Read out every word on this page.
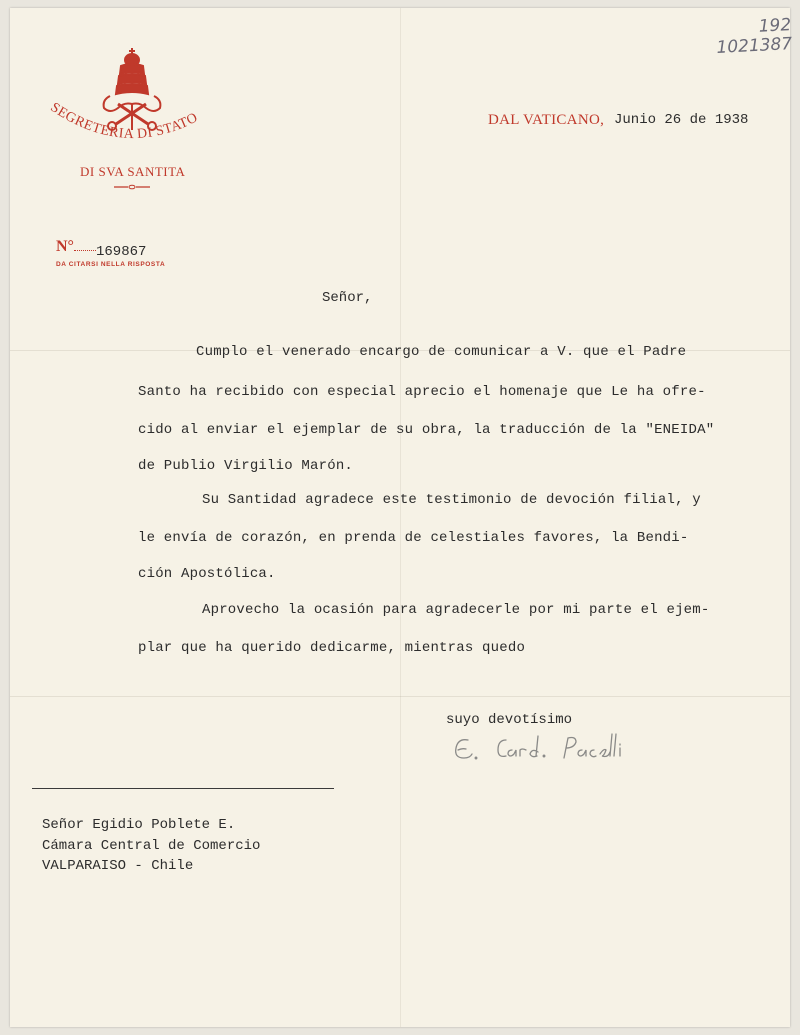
SEGRETERIA DI STATO
DI SVA SANTITA
192
1021387
DAL VATICANO, Junio 26 de 1938
N° 169867
DA CITARSI NELLA RISPOSTA
Señor,
Cumplo el venerado encargo de comunicar a V. que el Padre
Santo ha recibido con especial aprecio el homenaje que Le ha ofre-
cido al enviar el ejemplar de su obra, la traducción de la "ENEIDA"
de Publio Virgilio Marón.
Su Santidad agradece este testimonio de devoción filial, y
le envía de corazón, en prenda de celestiales favores, la Bendi-
ción Apostólica.
Aprovecho la ocasión para agradecerle por mi parte el ejem-
plar que ha querido dedicarme, mientras quedo
suyo devotísimo
Señor Egidio Poblete E.
Cámara Central de Comercio
VALPARAISO - Chile
